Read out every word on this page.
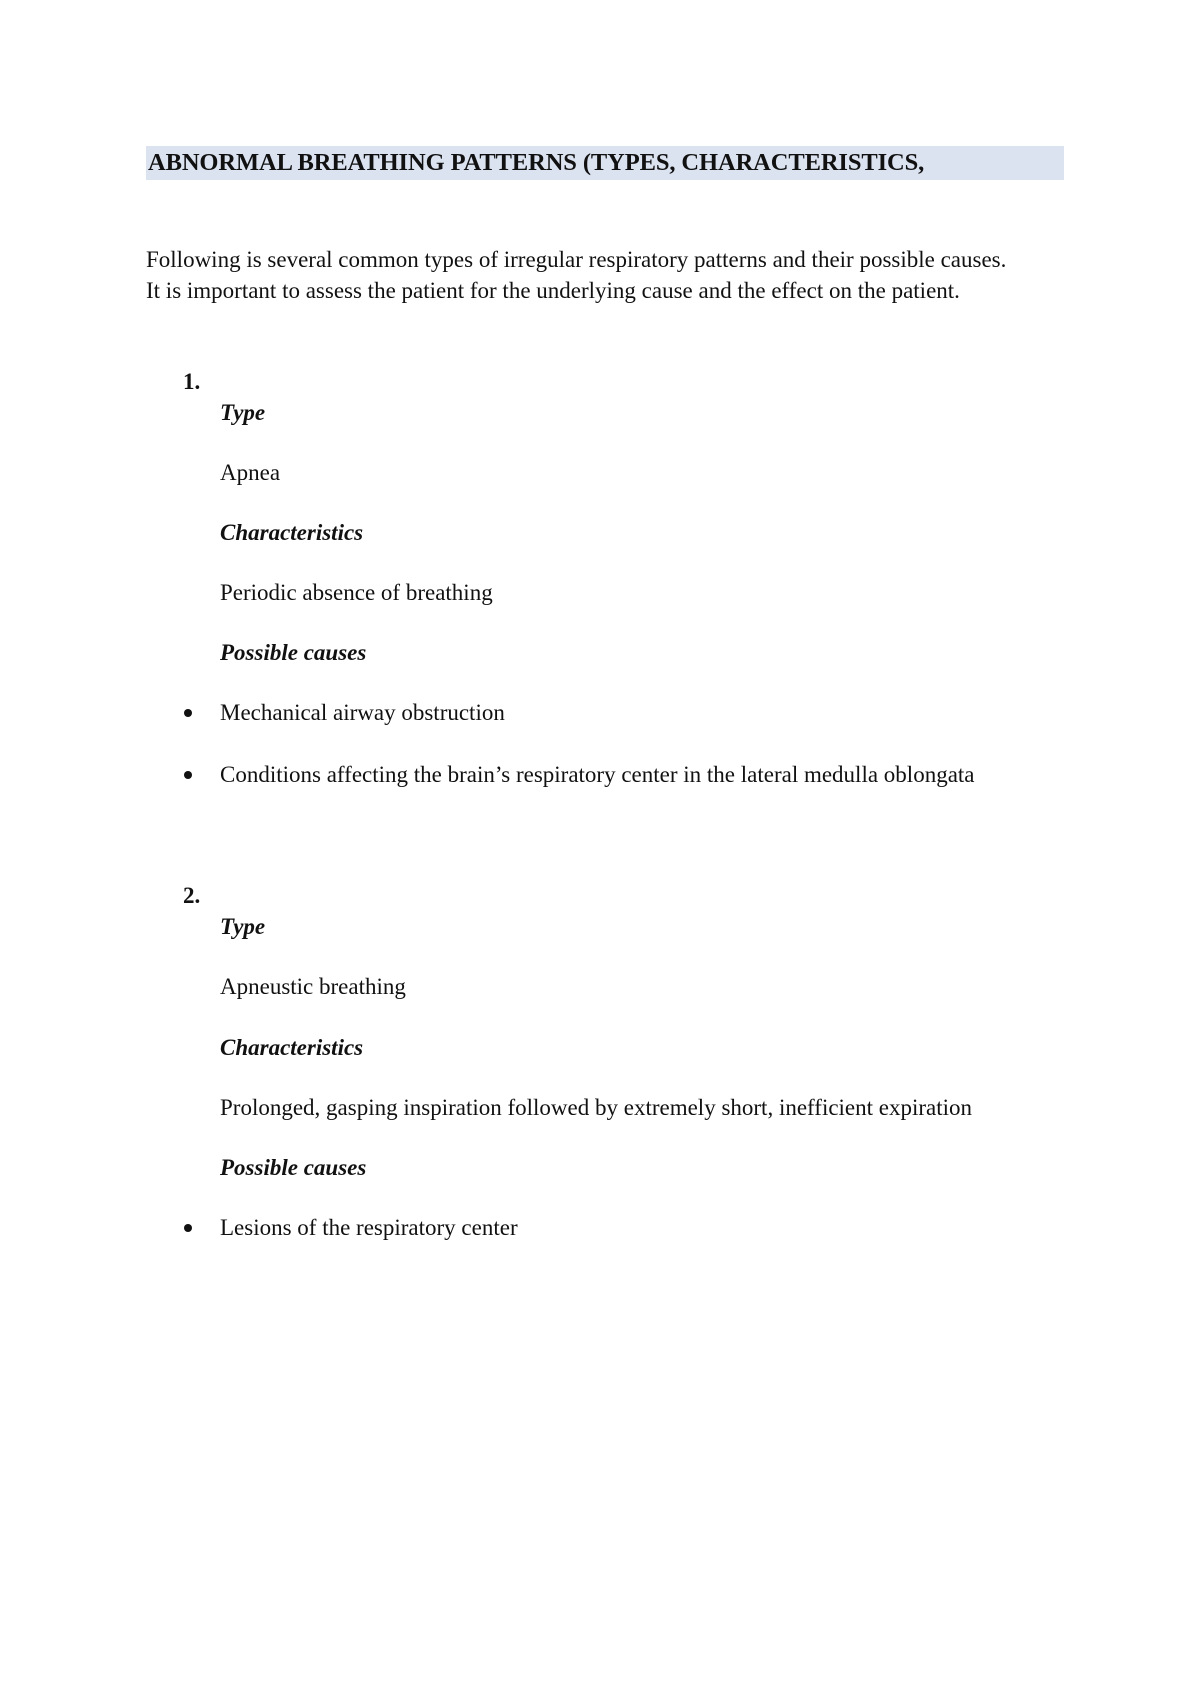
ABNORMAL BREATHING PATTERNS (TYPES, CHARACTERISTICS,

Following is several common types of irregular respiratory patterns and their possible causes.

It is important to assess the patient for the underlying cause and the effect on the patient.

1.
Type
Apnea
Characteristics
Periodic absence of breathing
Possible causes
Mechanical airway obstruction
Conditions affecting the brain’s respiratory center in the lateral medulla oblongata
2.
Type
Apneustic breathing
Characteristics
Prolonged, gasping inspiration followed by extremely short, inefficient expiration
Possible causes
Lesions of the respiratory center
